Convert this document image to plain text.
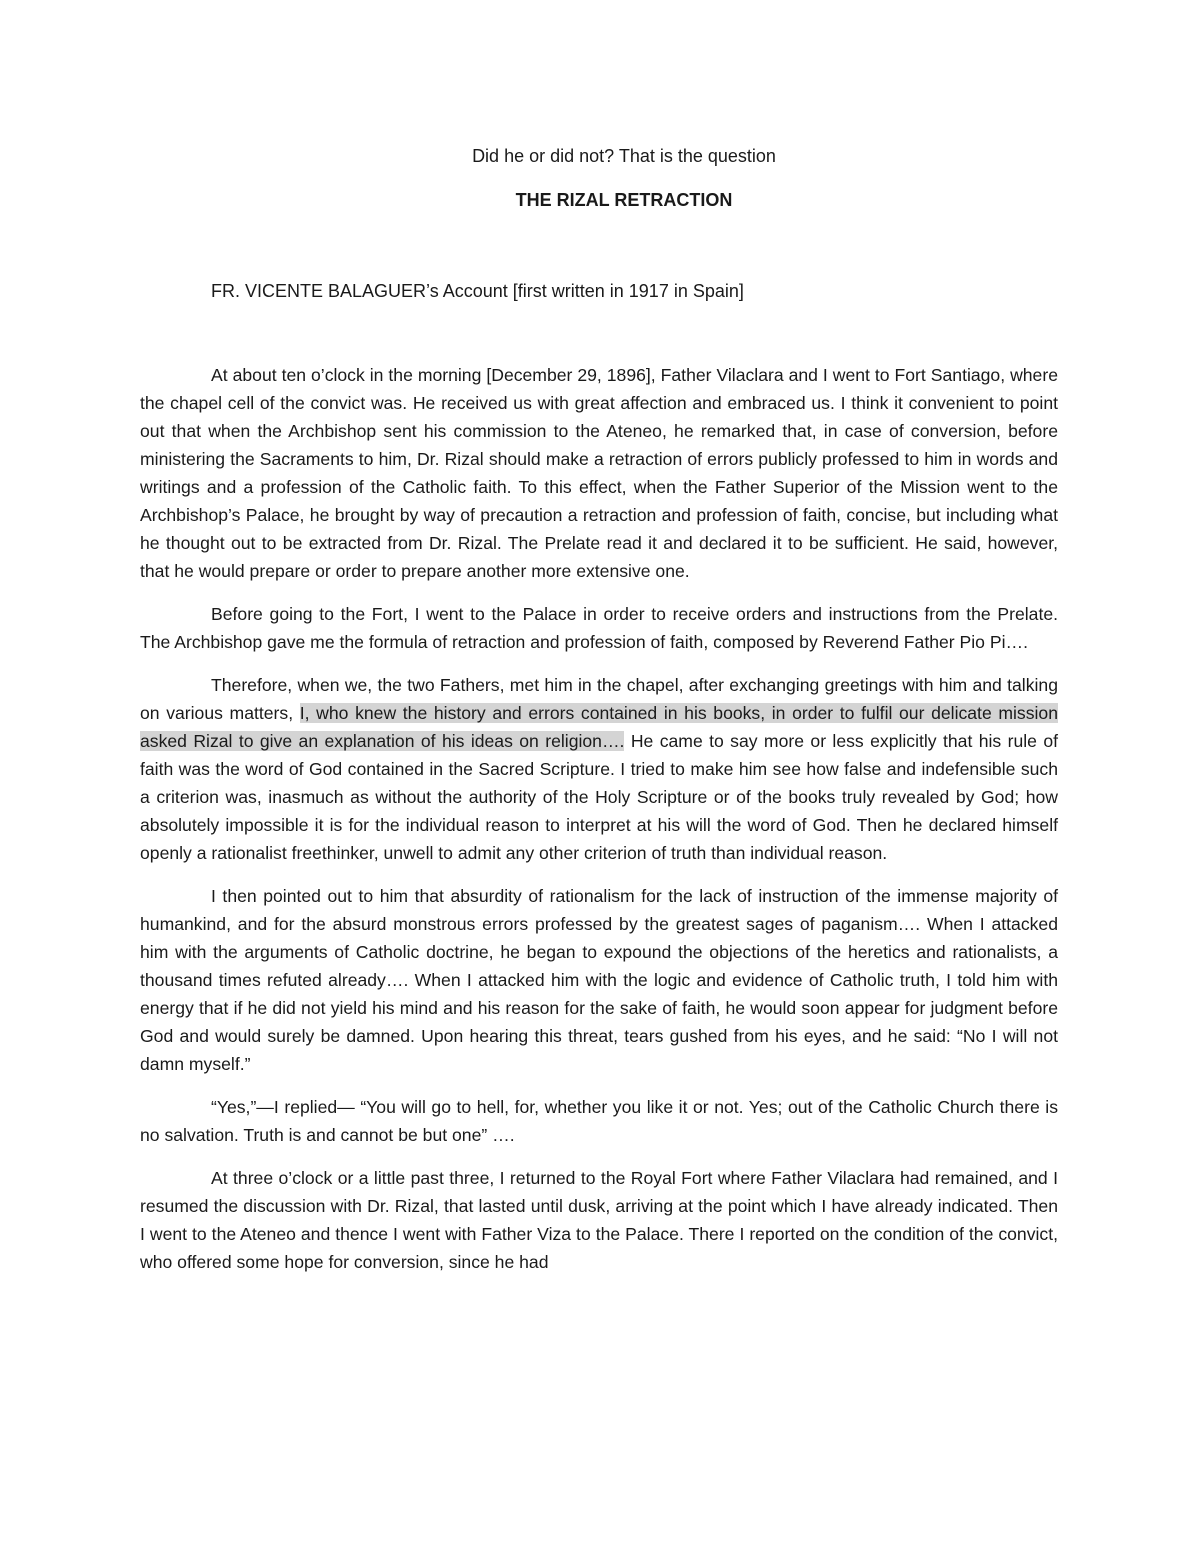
Did he or did not? That is the question

THE RIZAL RETRACTION

FR. VICENTE BALAGUER’s Account [first written in 1917 in Spain]

At about ten o’clock in the morning [December 29, 1896], Father Vilaclara and I went to Fort Santiago, where the chapel cell of the convict was. He received us with great affection and embraced us. I think it convenient to point out that when the Archbishop sent his commission to the Ateneo, he remarked that, in case of conversion, before ministering the Sacraments to him, Dr. Rizal should make a retraction of errors publicly professed to him in words and writings and a profession of the Catholic faith. To this effect, when the Father Superior of the Mission went to the Archbishop’s Palace, he brought by way of precaution a retraction and profession of faith, concise, but including what he thought out to be extracted from Dr. Rizal. The Prelate read it and declared it to be sufficient. He said, however, that he would prepare or order to prepare another more extensive one.

Before going to the Fort, I went to the Palace in order to receive orders and instructions from the Prelate. The Archbishop gave me the formula of retraction and profession of faith, composed by Reverend Father Pio Pi….

Therefore, when we, the two Fathers, met him in the chapel, after exchanging greetings with him and talking on various matters, I, who knew the history and errors contained in his books, in order to fulfil our delicate mission asked Rizal to give an explanation of his ideas on religion…. He came to say more or less explicitly that his rule of faith was the word of God contained in the Sacred Scripture. I tried to make him see how false and indefensible such a criterion was, inasmuch as without the authority of the Holy Scripture or of the books truly revealed by God; how absolutely impossible it is for the individual reason to interpret at his will the word of God. Then he declared himself openly a rationalist freethinker, unwell to admit any other criterion of truth than individual reason.

I then pointed out to him that absurdity of rationalism for the lack of instruction of the immense majority of humankind, and for the absurd monstrous errors professed by the greatest sages of paganism…. When I attacked him with the arguments of Catholic doctrine, he began to expound the objections of the heretics and rationalists, a thousand times refuted already…. When I attacked him with the logic and evidence of Catholic truth, I told him with energy that if he did not yield his mind and his reason for the sake of faith, he would soon appear for judgment before God and would surely be damned. Upon hearing this threat, tears gushed from his eyes, and he said: “No I will not damn myself.”

“Yes,”—I replied— “You will go to hell, for, whether you like it or not. Yes; out of the Catholic Church there is no salvation. Truth is and cannot be but one” ….

At three o’clock or a little past three, I returned to the Royal Fort where Father Vilaclara had remained, and I resumed the discussion with Dr. Rizal, that lasted until dusk, arriving at the point which I have already indicated. Then I went to the Ateneo and thence I went with Father Viza to the Palace. There I reported on the condition of the convict, who offered some hope for conversion, since he had
